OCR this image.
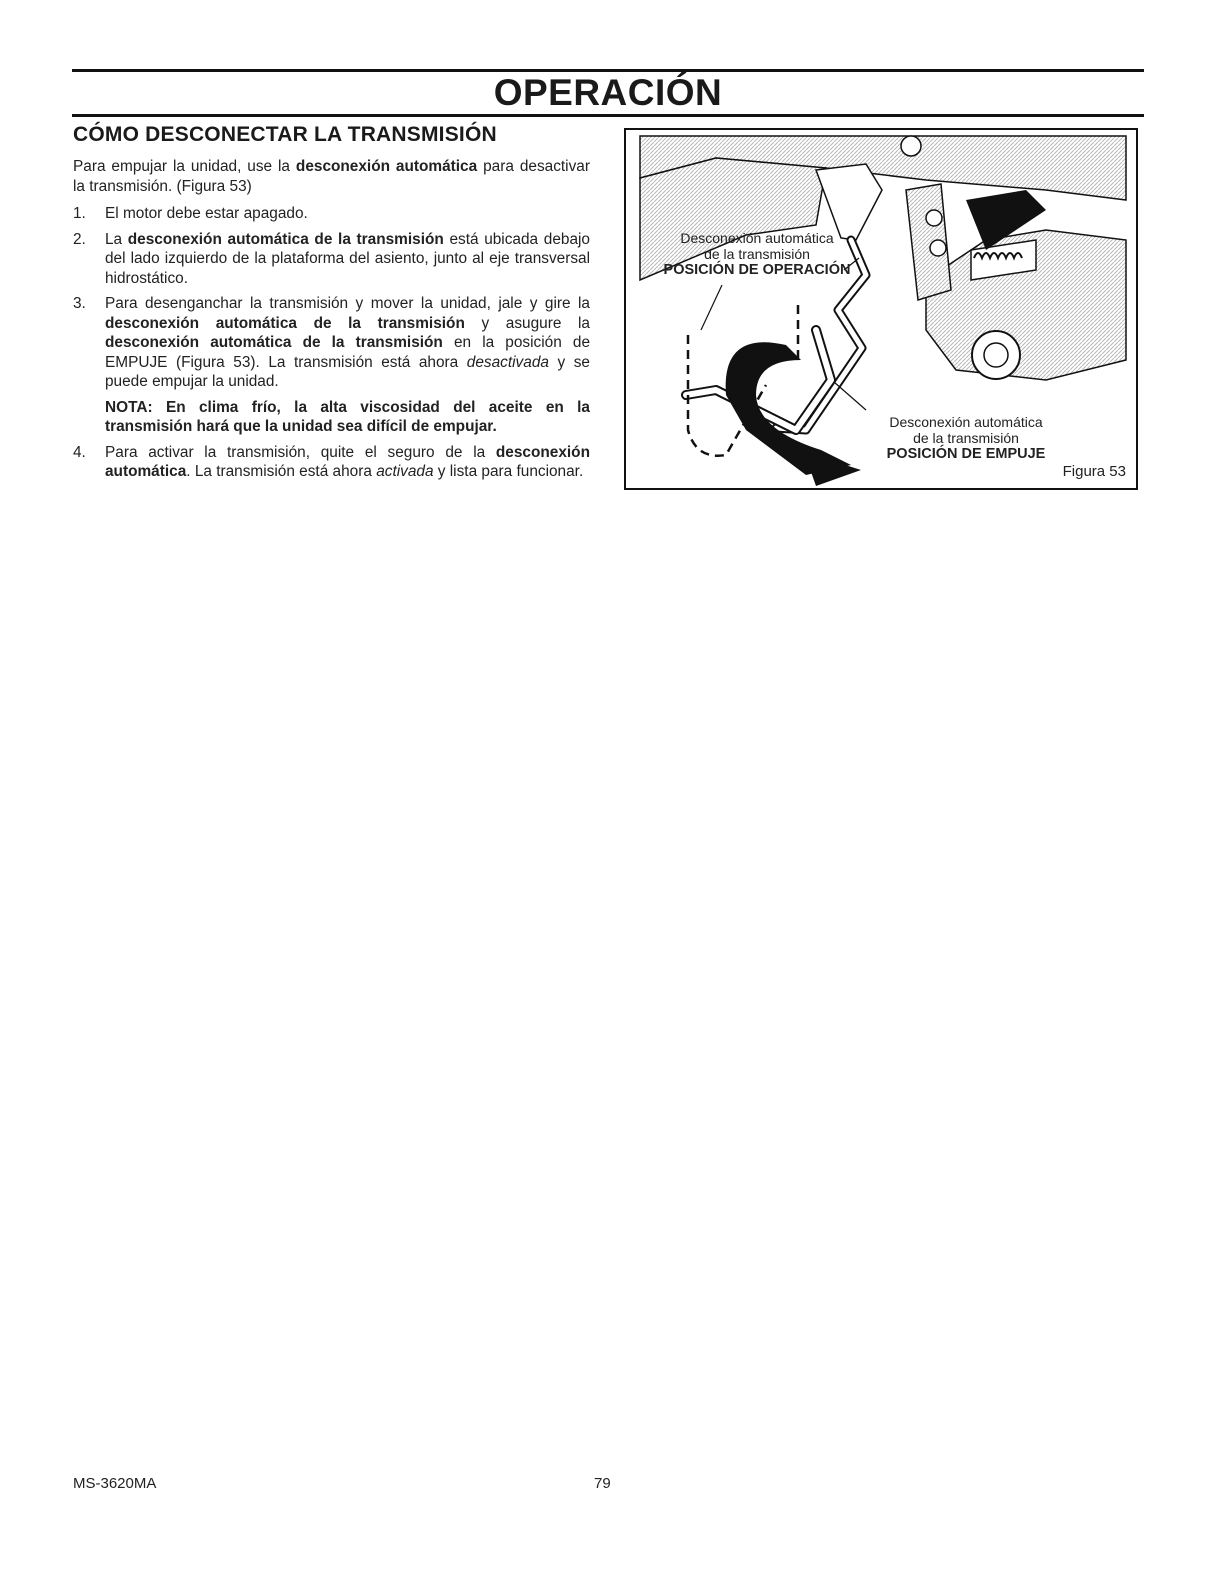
OPERACIÓN
CÓMO DESCONECTAR LA TRANSMISIÓN

Para empujar la unidad, use la desconexión automática para desactivar la transmisión. (Figura 53)

1.	El motor debe estar apagado.
2.	La desconexión automática de la transmisión está ubicada debajo del lado izquierdo de la plataforma del asiento, junto al eje transversal hidrostático.
3.	Para desenganchar la transmisión y mover la unidad, jale y gire la desconexión automática de la transmisión y asugure la desconexión automática de la transmisión en la posición de EMPUJE (Figura 53). La transmisión está ahora desactivada y se puede empujar la unidad.
NOTA: En clima frío, la alta viscosidad del aceite en la transmisión hará que la unidad sea difícil de empujar.
4.	Para activar la transmisión, quite el seguro de la desconexión automática. La transmisión está ahora activada y lista para funcionar.
Desconexión automática
de la transmisión
POSICIÓN DE OPERACIÓN
Desconexión automática
de la transmisión
POSICIÓN DE EMPUJE
Figura 53
MS-3620MA	79
